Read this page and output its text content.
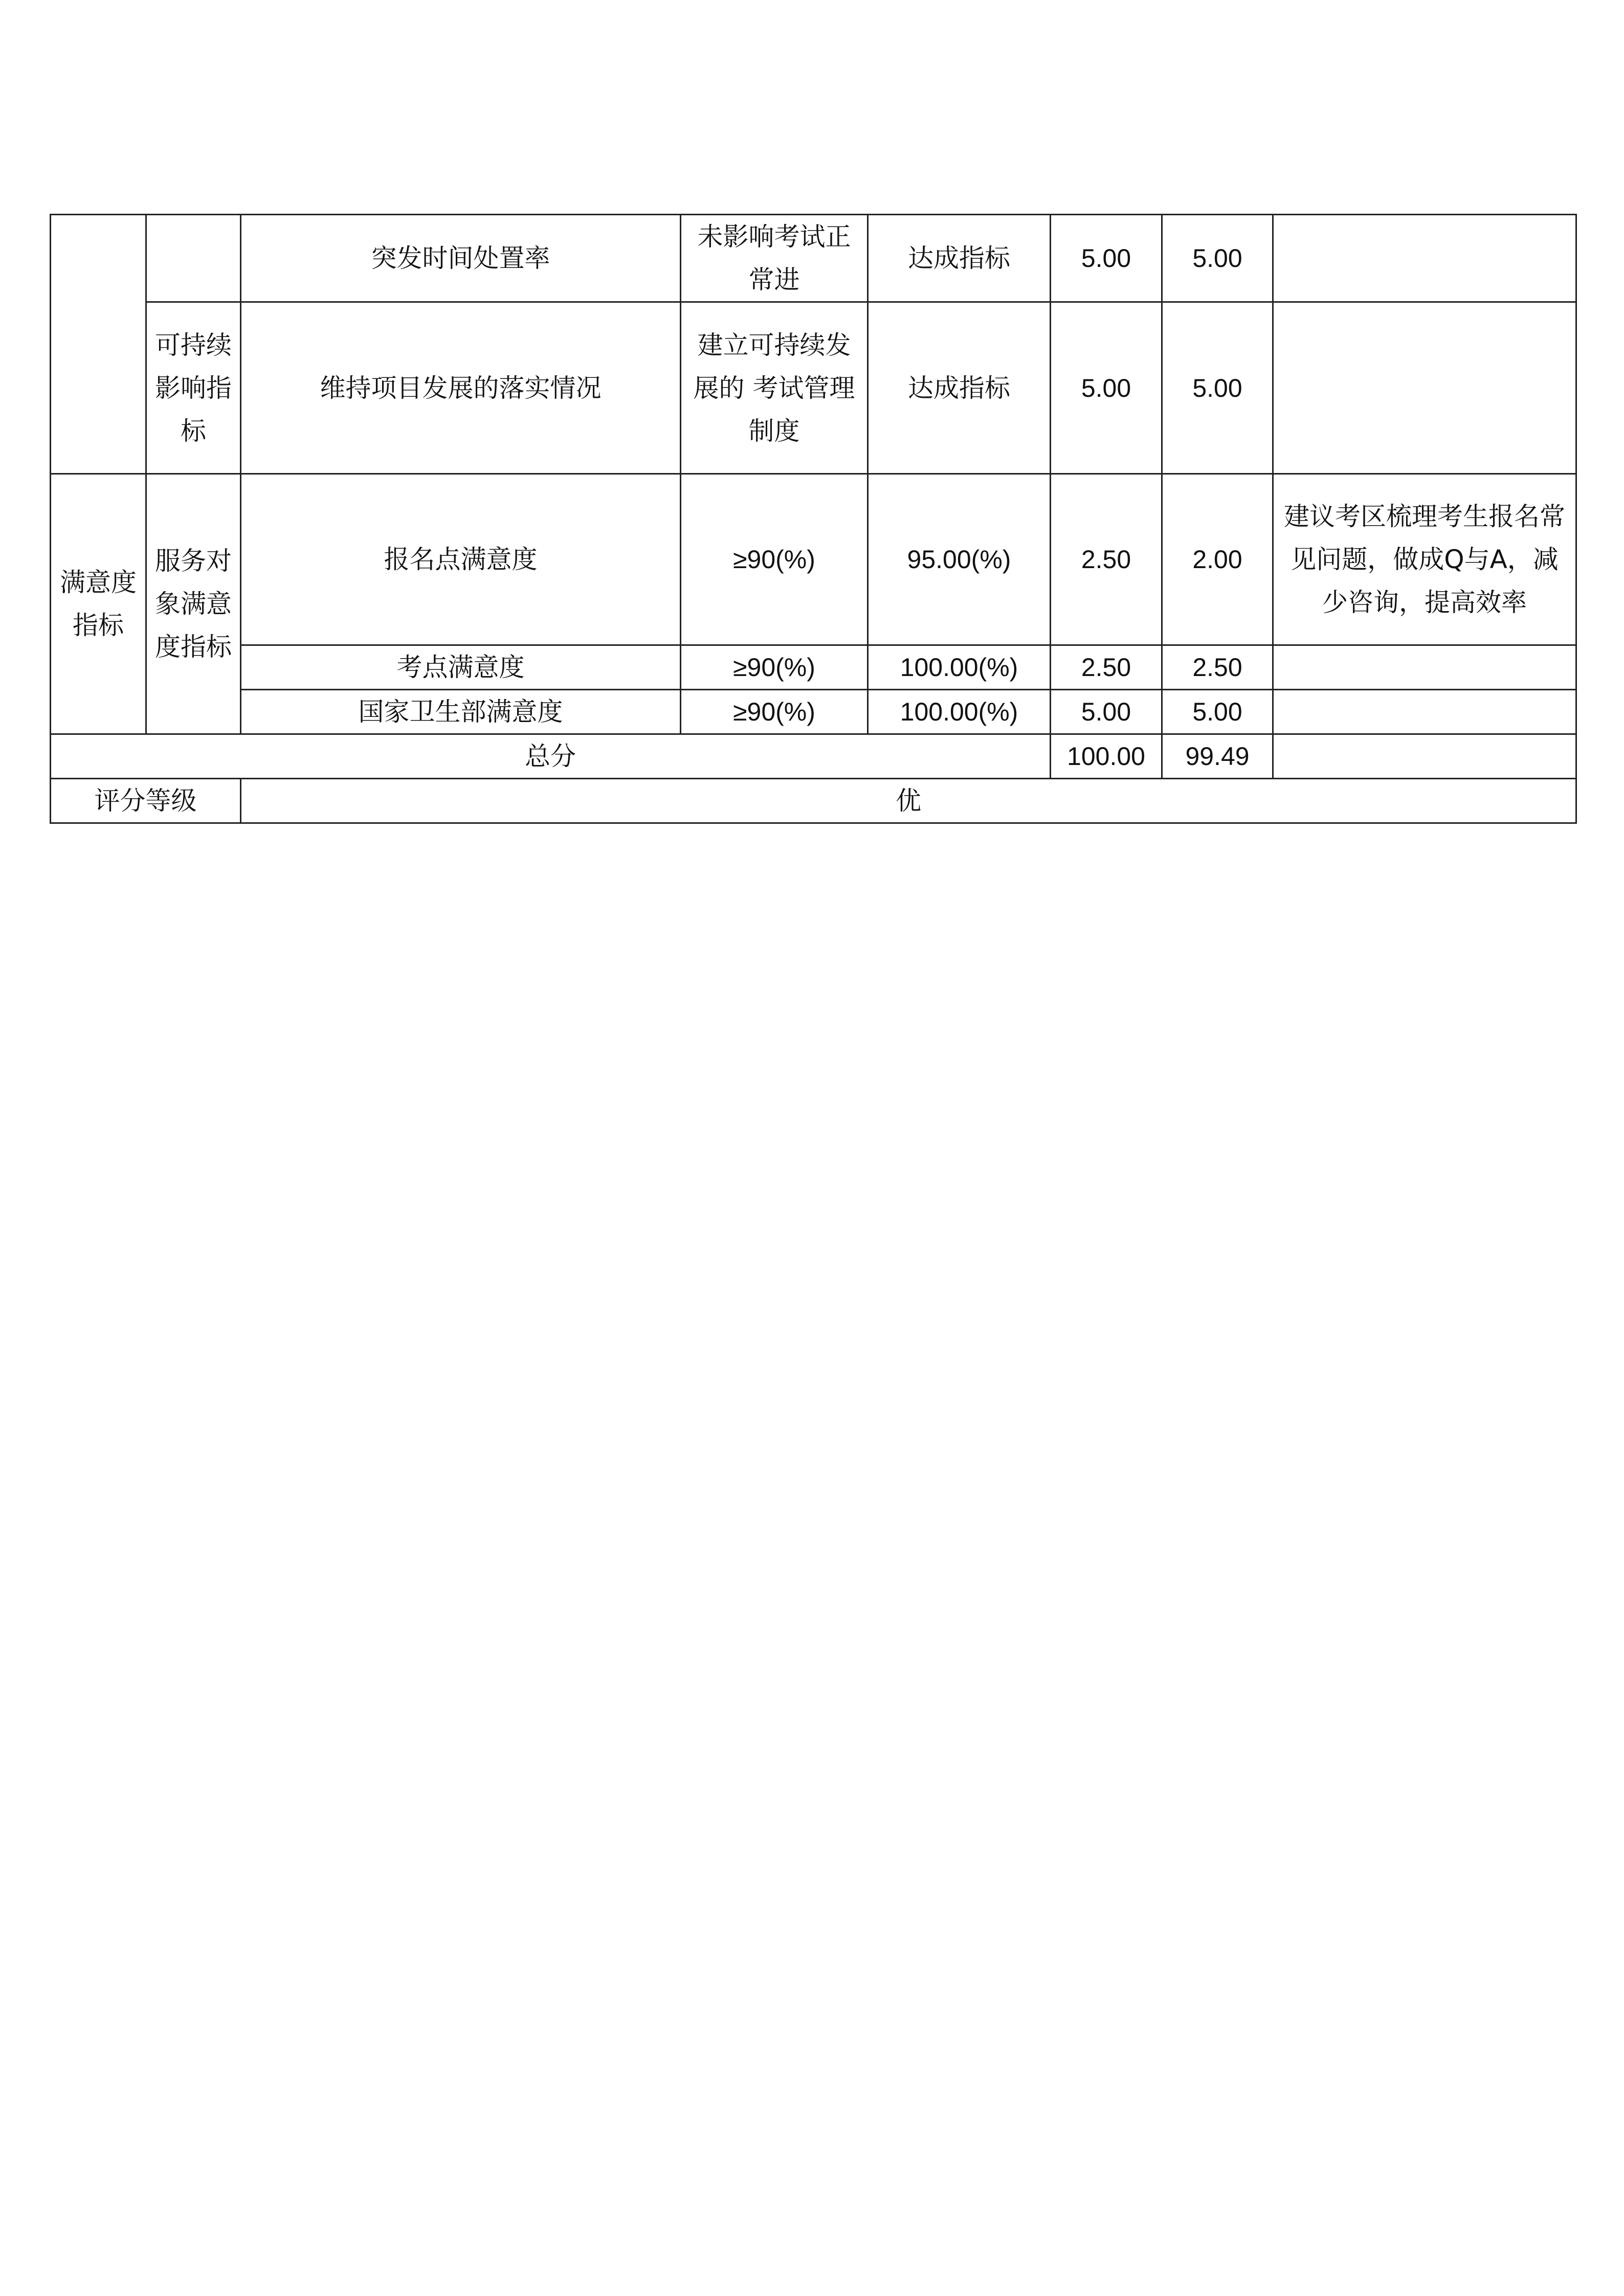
		突发时间处置率	未影响考试正常进	达成指标	5.00	5.00	
	可持续影响指标	维持项目发展的落实情况	建立可持续发展的 考试管理制度	达成指标	5.00	5.00	
满意度指标	服务对象满意度指标	报名点满意度	≥90(%)	95.00(%)	2.50	2.00	建议考区梳理考生报名常见问题，做成Q与A，减少咨询，提高效率
		考点满意度	≥90(%)	100.00(%)	2.50	2.50	
		国家卫生部满意度	≥90(%)	100.00(%)	5.00	5.00	
总分					100.00	99.49	
评分等级		优					
